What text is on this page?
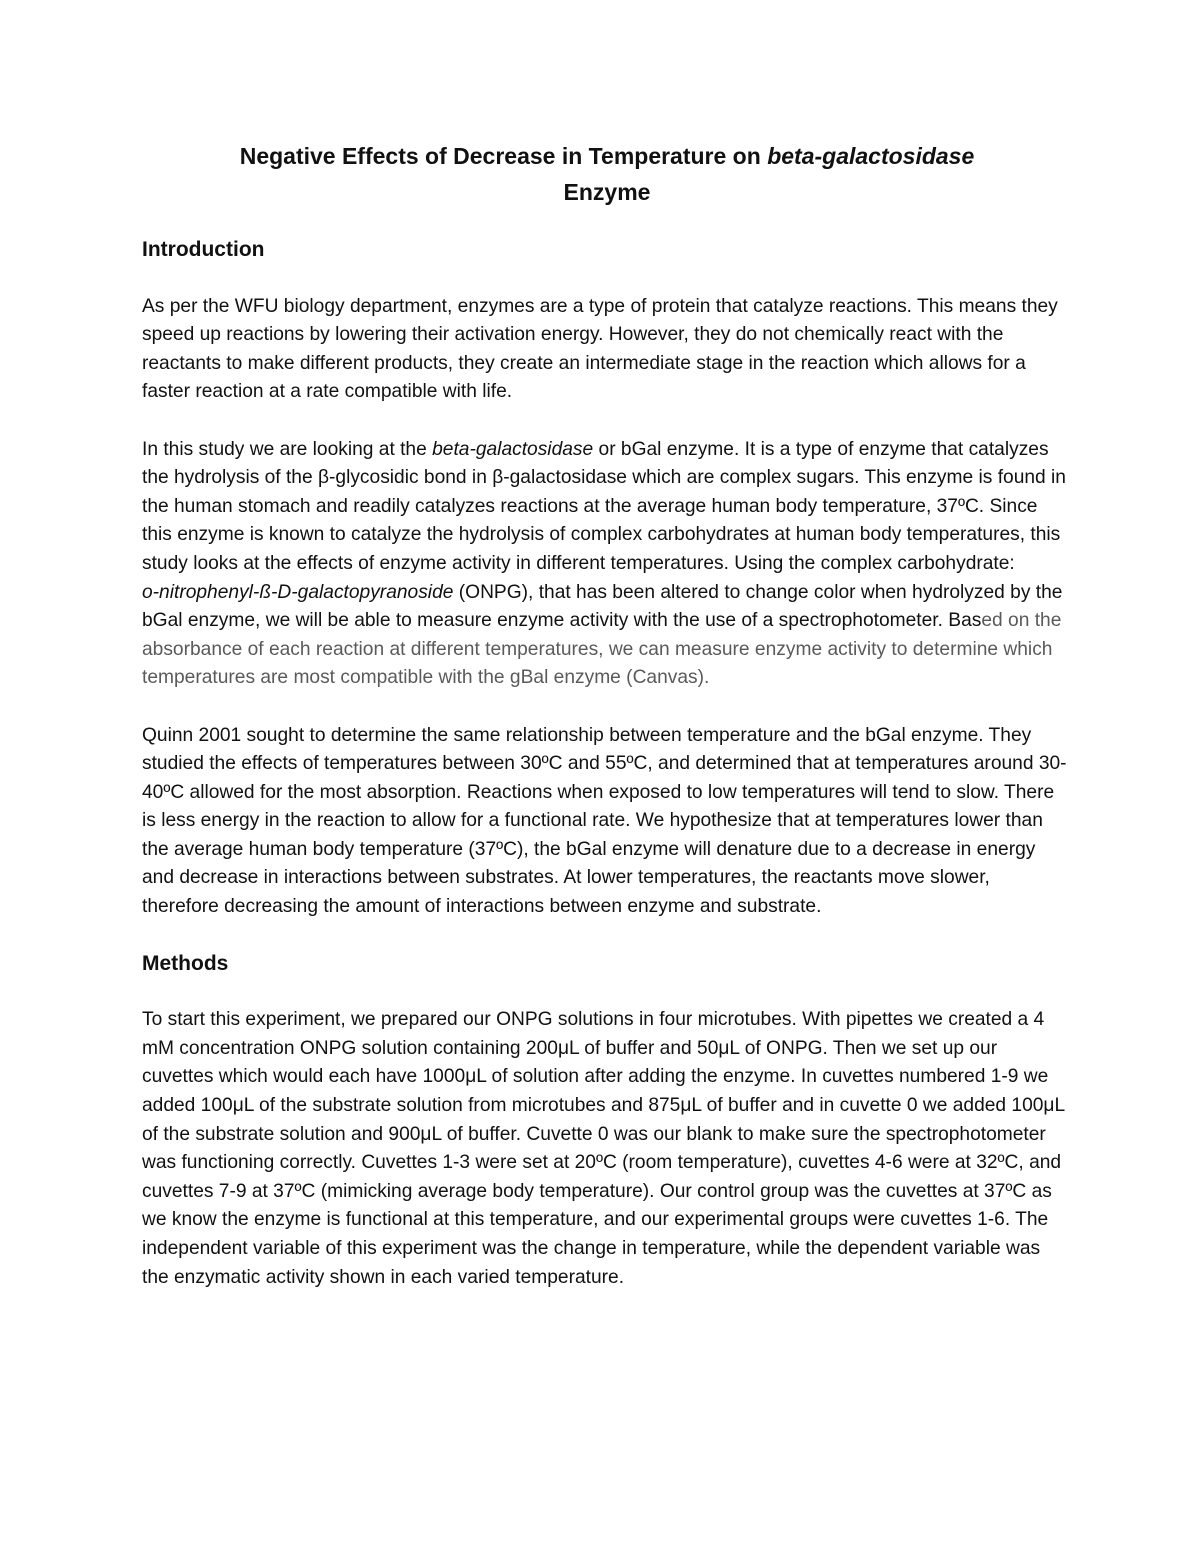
Negative Effects of Decrease in Temperature on beta-galactosidase
Enzyme
Introduction

As per the WFU biology department, enzymes are a type of protein that catalyze reactions. This means they speed up reactions by lowering their activation energy. However, they do not chemically react with the reactants to make different products, they create an intermediate stage in the reaction which allows for a faster reaction at a rate compatible with life.

In this study we are looking at the beta-galactosidase or bGal enzyme. It is a type of enzyme that catalyzes the hydrolysis of the β-glycosidic bond in β-galactosidase which are complex sugars. This enzyme is found in the human stomach and readily catalyzes reactions at the average human body temperature, 37ºC. Since this enzyme is known to catalyze the hydrolysis of complex carbohydrates at human body temperatures, this study looks at the effects of enzyme activity in different temperatures. Using the complex carbohydrate:
o-nitrophenyl-ß-D-galactopyranoside (ONPG), that has been altered to change color when hydrolyzed by the bGal enzyme, we will be able to measure enzyme activity with the use of a spectrophotometer. Based on the absorbance of each reaction at different temperatures, we can measure enzyme activity to determine which temperatures are most compatible with the gBal enzyme (Canvas).

Quinn 2001 sought to determine the same relationship between temperature and the bGal enzyme. They studied the effects of temperatures between 30ºC and 55ºC, and determined that at temperatures around 30-40ºC allowed for the most absorption. Reactions when exposed to low temperatures will tend to slow. There is less energy in the reaction to allow for a functional rate. We hypothesize that at temperatures lower than the average human body temperature (37ºC), the bGal enzyme will denature due to a decrease in energy and decrease in interactions between substrates. At lower temperatures, the reactants move slower, therefore decreasing the amount of interactions between enzyme and substrate.

Methods

To start this experiment, we prepared our ONPG solutions in four microtubes. With pipettes we created a 4 mM concentration ONPG solution containing 200μL of buffer and 50μL of ONPG. Then we set up our cuvettes which would each have 1000μL of solution after adding the enzyme. In cuvettes numbered 1-9 we added 100μL of the substrate solution from microtubes and 875μL of buffer and in cuvette 0 we added 100μL of the substrate solution and 900μL of buffer. Cuvette 0 was our blank to make sure the spectrophotometer was functioning correctly. Cuvettes 1-3 were set at 20ºC (room temperature), cuvettes 4-6 were at 32ºC, and cuvettes 7-9 at 37ºC (mimicking average body temperature). Our control group was the cuvettes at 37ºC as we know the enzyme is functional at this temperature, and our experimental groups were cuvettes 1-6. The independent variable of this experiment was the change in temperature, while the dependent variable was the enzymatic activity shown in each varied temperature.
